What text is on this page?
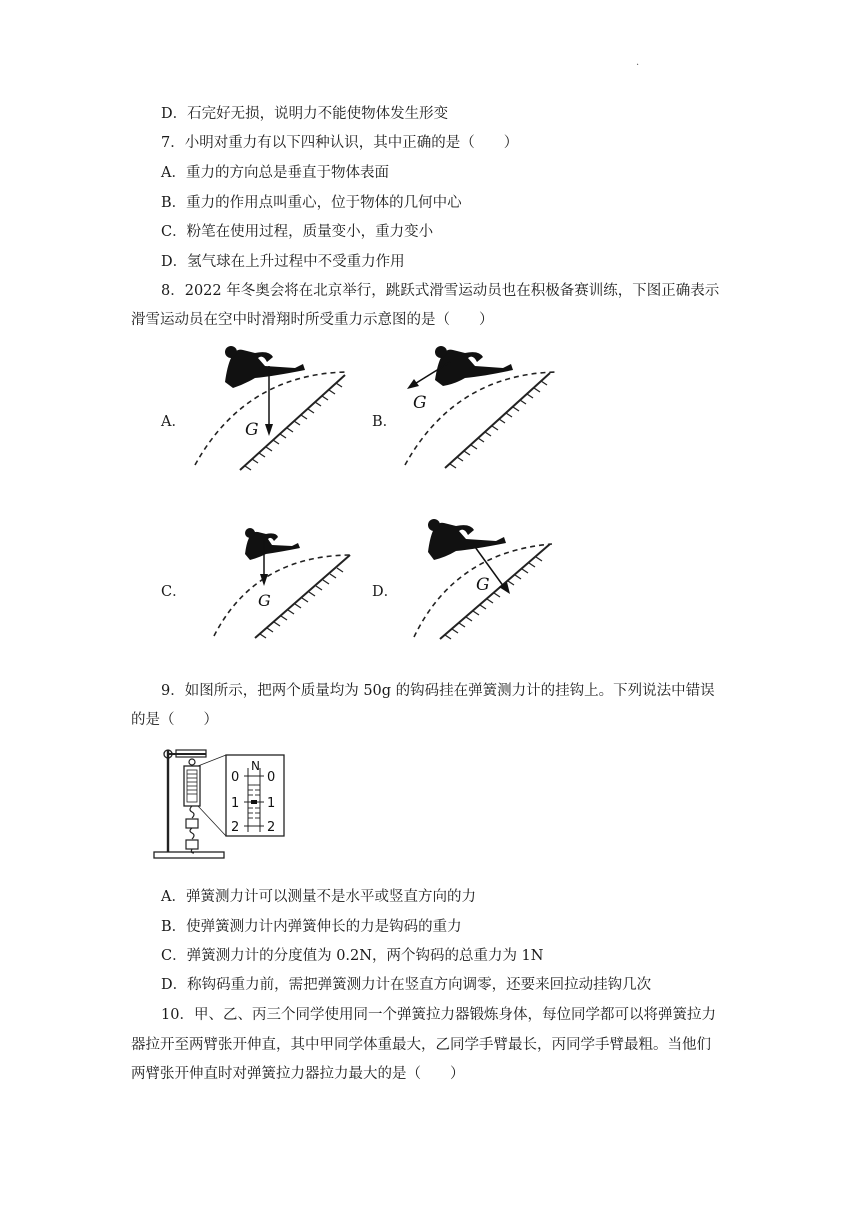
·
D．石完好无损，说明力不能使物体发生形变
7．小明对重力有以下四种认识，其中正确的是（　　）
A．重力的方向总是垂直于物体表面
B．重力的作用点叫重心，位于物体的几何中心
C．粉笔在使用过程，质量变小，重力变小
D．氢气球在上升过程中不受重力作用
8．2022 年冬奥会将在北京举行，跳跃式滑雪运动员也在积极备赛训练，下图正确表示
滑雪运动员在空中时滑翔时所受重力示意图的是（　　）
A．	B．
C．	D．
G
G
G
G
9．如图所示，把两个质量均为 50g 的钩码挂在弹簧测力计的挂钩上。下列说法中错误
的是（　　）
N
0
1
2
0
1
2
A．弹簧测力计可以测量不是水平或竖直方向的力
B．使弹簧测力计内弹簧伸长的力是钩码的重力
C．弹簧测力计的分度值为 0.2N，两个钩码的总重力为 1N
D．称钩码重力前，需把弹簧测力计在竖直方向调零，还要来回拉动挂钩几次
10．甲、乙、丙三个同学使用同一个弹簧拉力器锻炼身体，每位同学都可以将弹簧拉力
器拉开至两臂张开伸直，其中甲同学体重最大，乙同学手臂最长，丙同学手臂最粗。当他们
两臂张开伸直时对弹簧拉力器拉力最大的是（　　）
